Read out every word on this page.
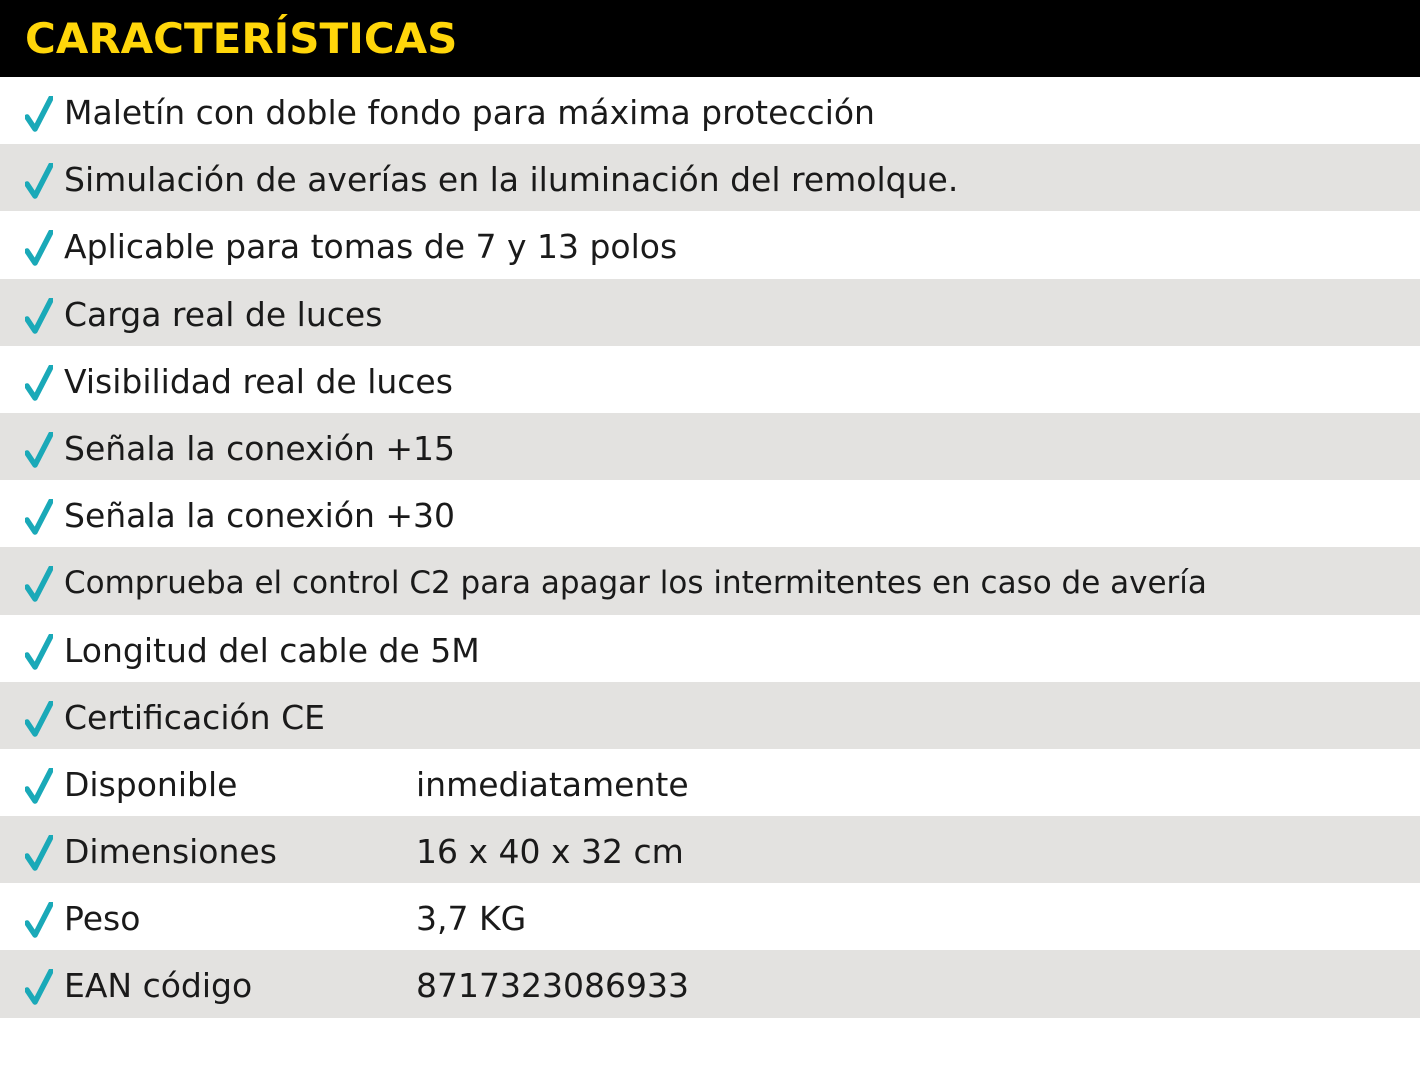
CARACTERÍSTICAS
Maletín con doble fondo para máxima protección
Simulación de averías en la iluminación del remolque.
Aplicable para tomas de 7 y 13 polos
Carga real de luces
Visibilidad real de luces
Señala la conexión +15
Señala la conexión +30
Comprueba el control C2 para apagar los intermitentes en caso de avería
Longitud del cable de 5M
Certificación CE
Disponible	inmediatamente
Dimensiones	16 x 40 x 32 cm
Peso	3,7 KG
EAN código	8717323086933
